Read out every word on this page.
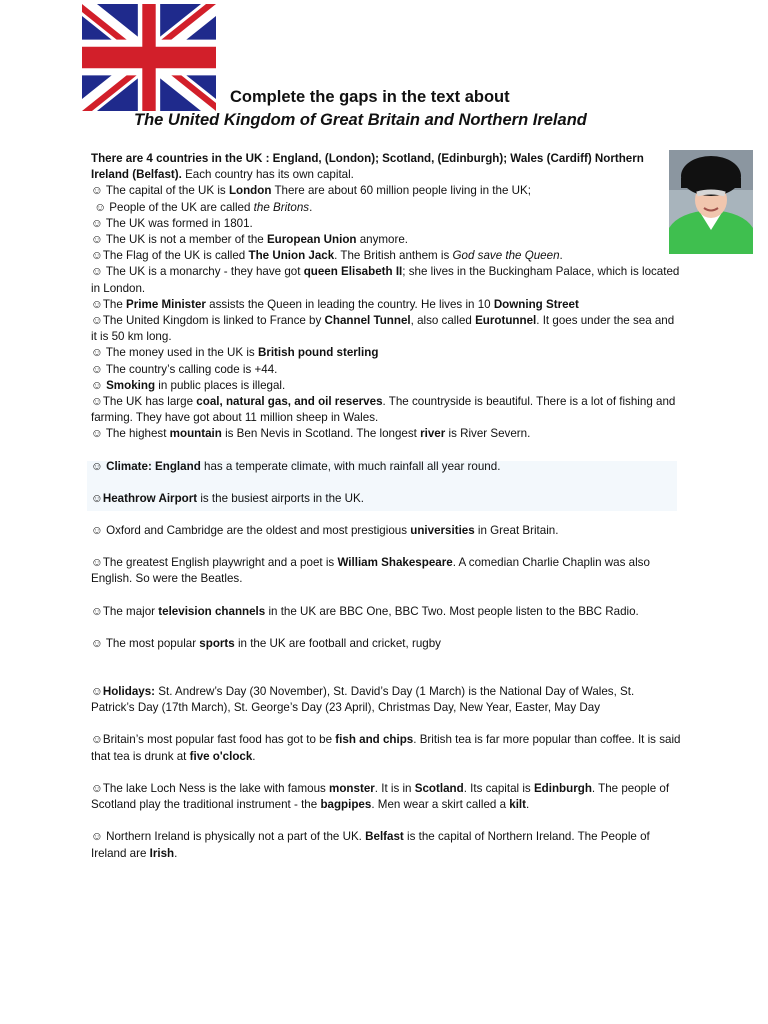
Complete the gaps in the text about
The United Kingdom of Great Britain and Northern Ireland
There are 4 countries in the UK : England, (London); Scotland, (Edinburgh); Wales (Cardiff) Northern Ireland (Belfast). Each country has its own capital.
☺ The capital of the UK is London There are about 60 million people living in the UK;
☺ People of the UK are called the Britons.
☺ The UK was formed in 1801.
☺ The UK is not a member of the European Union anymore.
☺The Flag of the UK is called The Union Jack. The British anthem is God save the Queen.
☺ The UK is a monarchy - they have got queen Elisabeth II; she lives in the Buckingham Palace, which is located in London.
☺The Prime Minister assists the Queen in leading the country. He lives in 10 Downing Street
☺The United Kingdom is linked to France by Channel Tunnel, also called Eurotunnel. It goes under the sea and it is 50 km long.
☺ The money used in the UK is British pound sterling
☺ The country’s calling code is +44.
☺ Smoking in public places is illegal.
☺The UK has large coal, natural gas, and oil reserves. The countryside is beautiful. There is a lot of fishing and farming. They have got about 11 million sheep in Wales.
☺ The highest mountain is Ben Nevis in Scotland. The longest river is River Severn.
☺ Climate: England has a temperate climate, with much rainfall all year round.
☺Heathrow Airport is the busiest airports in the UK.
☺ Oxford and Cambridge are the oldest and most prestigious universities in Great Britain.
☺The greatest English playwright and a poet is William Shakespeare. A comedian Charlie Chaplin was also English. So were the Beatles.
☺The major television channels in the UK are BBC One, BBC Two. Most people listen to the BBC Radio.
☺ The most popular sports in the UK are football and cricket, rugby
☺Holidays: St. Andrew’s Day (30 November), St. David’s Day (1 March) is the National Day of Wales, St. Patrick’s Day (17th March), St. George’s Day (23 April), Christmas Day, New Year, Easter, May Day
☺Britain’s most popular fast food has got to be fish and chips. British tea is far more popular than coffee. It is said that tea is drunk at five o'clock.
☺The lake Loch Ness is the lake with famous monster. It is in Scotland. Its capital is Edinburgh. The people of Scotland play the traditional instrument - the bagpipes. Men wear a skirt called a kilt.
☺ Northern Ireland is physically not a part of the UK. Belfast is the capital of Northern Ireland. The People of Ireland are Irish.
